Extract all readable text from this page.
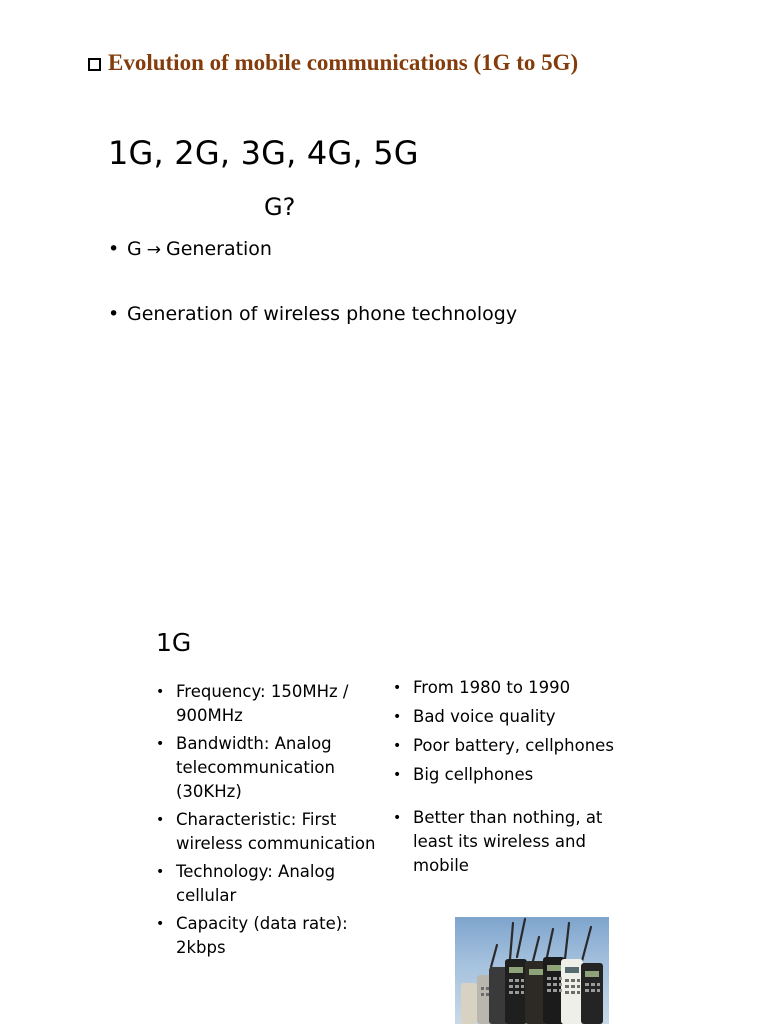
Evolution of mobile communications (1G to 5G)
1G, 2G, 3G, 4G, 5G
G?
• G → Generation
• Generation of wireless phone technology
1G
• Frequency: 150MHz / 900MHz
• Bandwidth: Analog telecommunication (30KHz)
• Characteristic: First wireless communication
• Technology: Analog cellular
• Capacity (data rate): 2kbps
• From 1980 to 1990
• Bad voice quality
• Poor battery, cellphones
• Big cellphones
• Better than nothing, at least its wireless and mobile
